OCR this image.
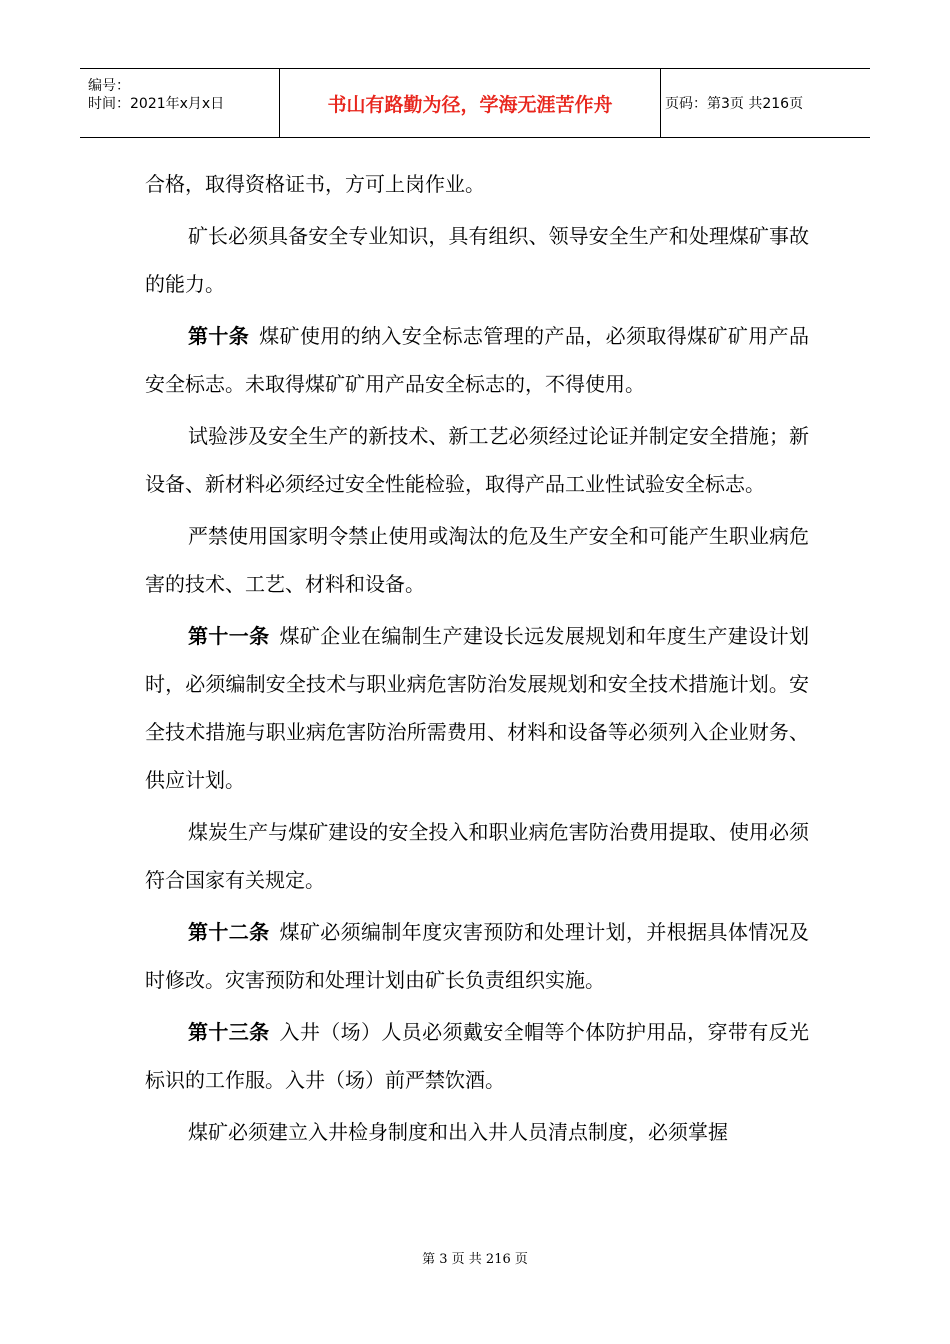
编号：
时间：2021年x月x日	书山有路勤为径，学海无涯苦作舟	页码：第3页 共216页

合格，取得资格证书，方可上岗作业。

矿长必须具备安全专业知识，具有组织、领导安全生产和处理煤矿事故的能力。

第十条 煤矿使用的纳入安全标志管理的产品，必须取得煤矿矿用产品安全标志。未取得煤矿矿用产品安全标志的，不得使用。

试验涉及安全生产的新技术、新工艺必须经过论证并制定安全措施；新设备、新材料必须经过安全性能检验，取得产品工业性试验安全标志。

严禁使用国家明令禁止使用或淘汰的危及生产安全和可能产生职业病危害的技术、工艺、材料和设备。

第十一条 煤矿企业在编制生产建设长远发展规划和年度生产建设计划时，必须编制安全技术与职业病危害防治发展规划和安全技术措施计划。安全技术措施与职业病危害防治所需费用、材料和设备等必须列入企业财务、供应计划。

煤炭生产与煤矿建设的安全投入和职业病危害防治费用提取、使用必须符合国家有关规定。

第十二条 煤矿必须编制年度灾害预防和处理计划，并根据具体情况及时修改。灾害预防和处理计划由矿长负责组织实施。

第十三条 入井（场）人员必须戴安全帽等个体防护用品，穿带有反光标识的工作服。入井（场）前严禁饮酒。

煤矿必须建立入井检身制度和出入井人员清点制度，必须掌握

第 3 页 共 216 页
